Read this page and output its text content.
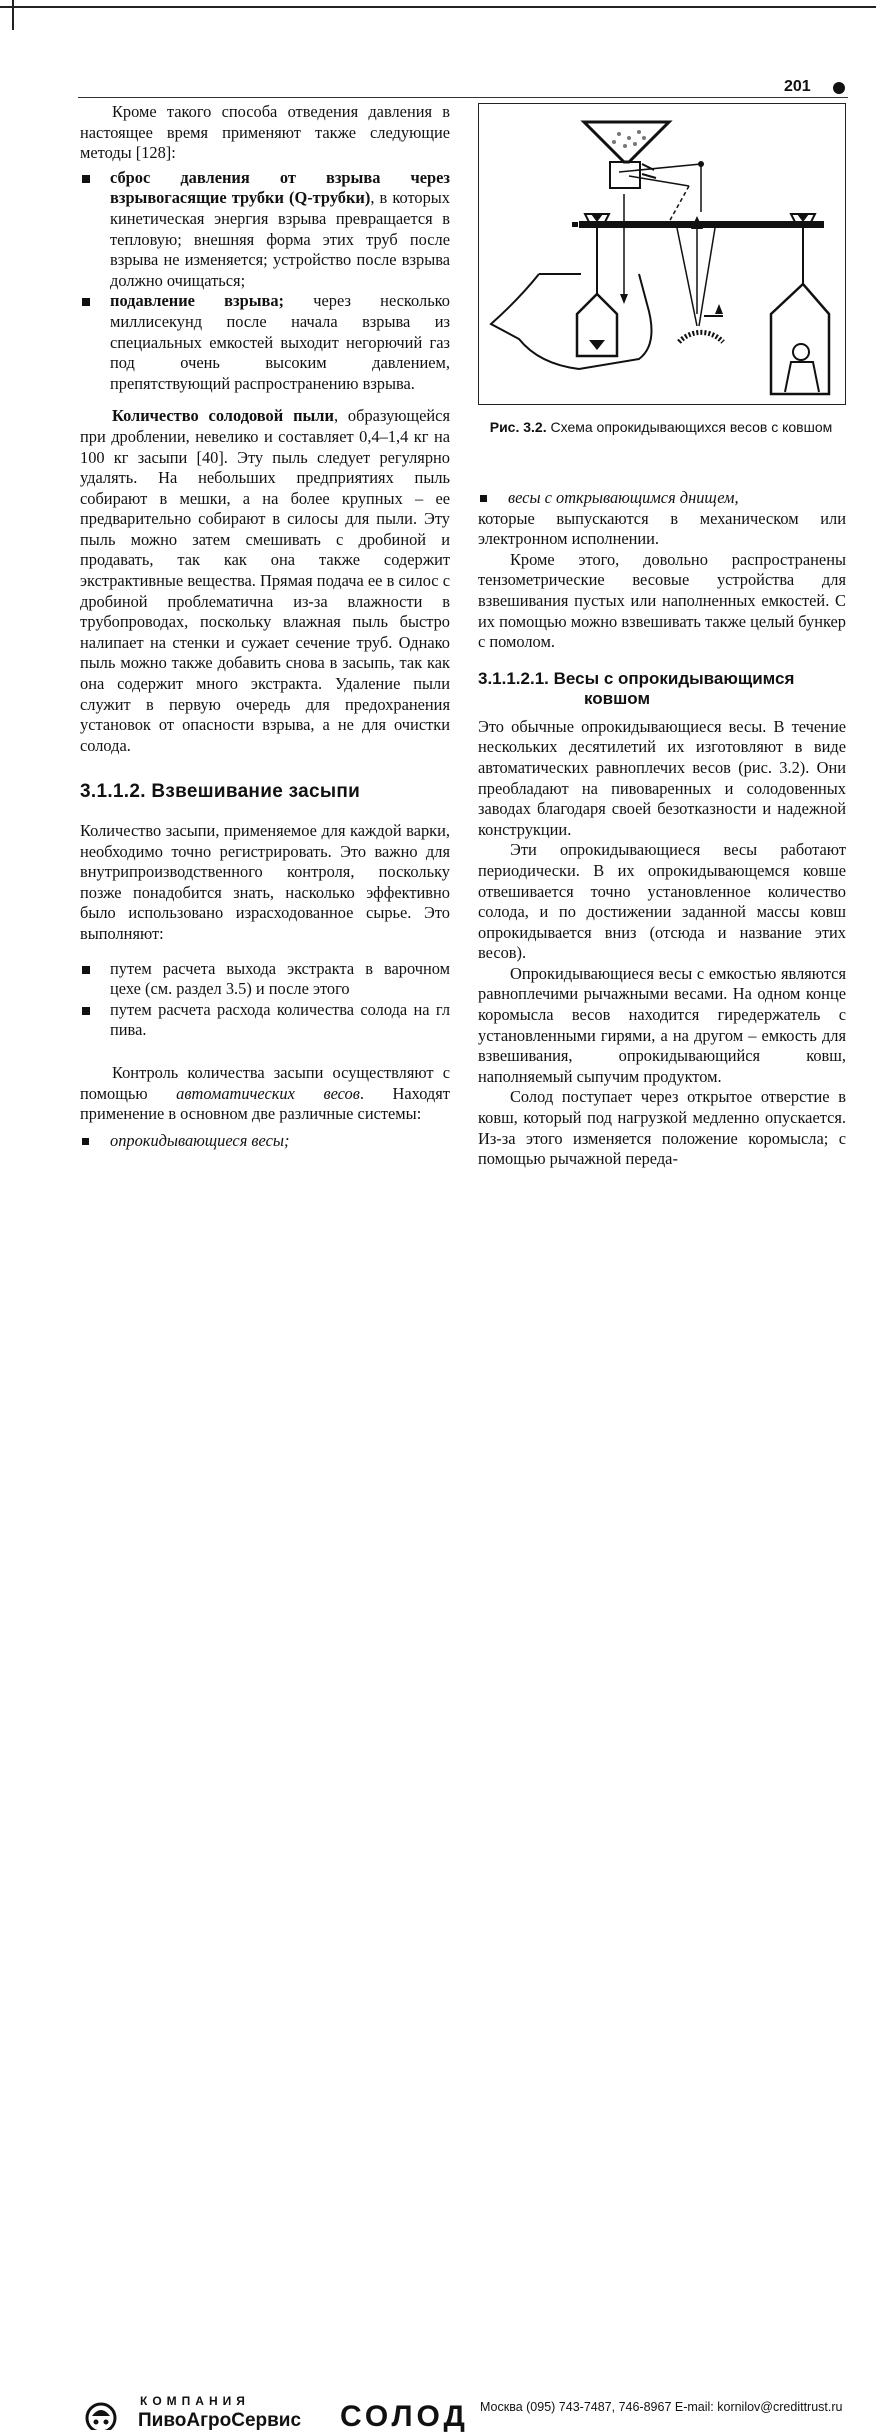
201

Кроме такого способа отведения давления в настоящее время применяют также следующие методы [128]:

сброс давления от взрыва через взрывогасящие трубки (Q-трубки), в которых кинетическая энергия взрыва превращается в тепловую; внешняя форма этих труб после взрыва не изменяется; устройство после взрыва должно очищаться;
подавление взрыва; через несколько миллисекунд после начала взрыва из специальных емкостей выходит негорючий газ под очень высоким давлением, препятствующий распространению взрыва.

Количество солодовой пыли, образующейся при дроблении, невелико и составляет 0,4–1,4 кг на 100 кг засыпи [40]. Эту пыль следует регулярно удалять. На небольших предприятиях пыль собирают в мешки, а на более крупных – ее предварительно собирают в силосы для пыли. Эту пыль можно затем смешивать с дробиной и продавать, так как она также содержит экстрактивные вещества. Прямая подача ее в силос с дробиной проблематична из-за влажности в трубопроводах, поскольку влажная пыль быстро налипает на стенки и сужает сечение труб. Однако пыль можно также добавить снова в засыпь, так как она содержит много экстракта. Удаление пыли служит в первую очередь для предохранения установок от опасности взрыва, а не для очистки солода.

3.1.1.2. Взвешивание засыпи

Количество засыпи, применяемое для каждой варки, необходимо точно регистрировать. Это важно для внутрипроизводственного контроля, поскольку позже понадобится знать, насколько эффективно было использовано израсходованное сырье. Это выполняют:

путем расчета выхода экстракта в варочном цехе (см. раздел 3.5) и после этого
путем расчета расхода количества солода на гл пива.

Контроль количества засыпи осуществляют с помощью автоматических весов. Находят применение в основном две различные системы:

опрокидывающиеся весы;
Рис. 3.2. Схема опрокидывающихся весов с ковшом
весы с открывающимся днищем,

которые выпускаются в механическом или электронном исполнении.

Кроме этого, довольно распространены тензометрические весовые устройства для взвешивания пустых или наполненных емкостей. С их помощью можно взвешивать также целый бункер с помолом.

3.1.1.2.1. Весы с опрокидывающимся
ковшом

Это обычные опрокидывающиеся весы. В течение нескольких десятилетий их изготовляют в виде автоматических равноплечих весов (рис. 3.2). Они преобладают на пивоваренных и солодовенных заводах благодаря своей безотказности и надежной конструкции.

Эти опрокидывающиеся весы работают периодически. В их опрокидывающемся ковше отвешивается точно установленное количество солода, и по достижении заданной массы ковш опрокидывается вниз (отсюда и название этих весов).

Опрокидывающиеся весы с емкостью являются равноплечими рычажными весами. На одном конце коромысла весов находится гиредержатель с установленными гирями, а на другом – емкость для взвешивания, опрокидывающийся ковш, наполняемый сыпучим продуктом.

Солод поступает через открытое отверстие в ковш, который под нагрузкой медленно опускается. Из-за этого изменяется положение коромысла; с помощью рычажной переда-

КОМПАНИЯ
ПивоАгроСервис СОЛОД Москва (095) 743-7487, 746-8967 E-mail: kornilov@credittrust.ru
